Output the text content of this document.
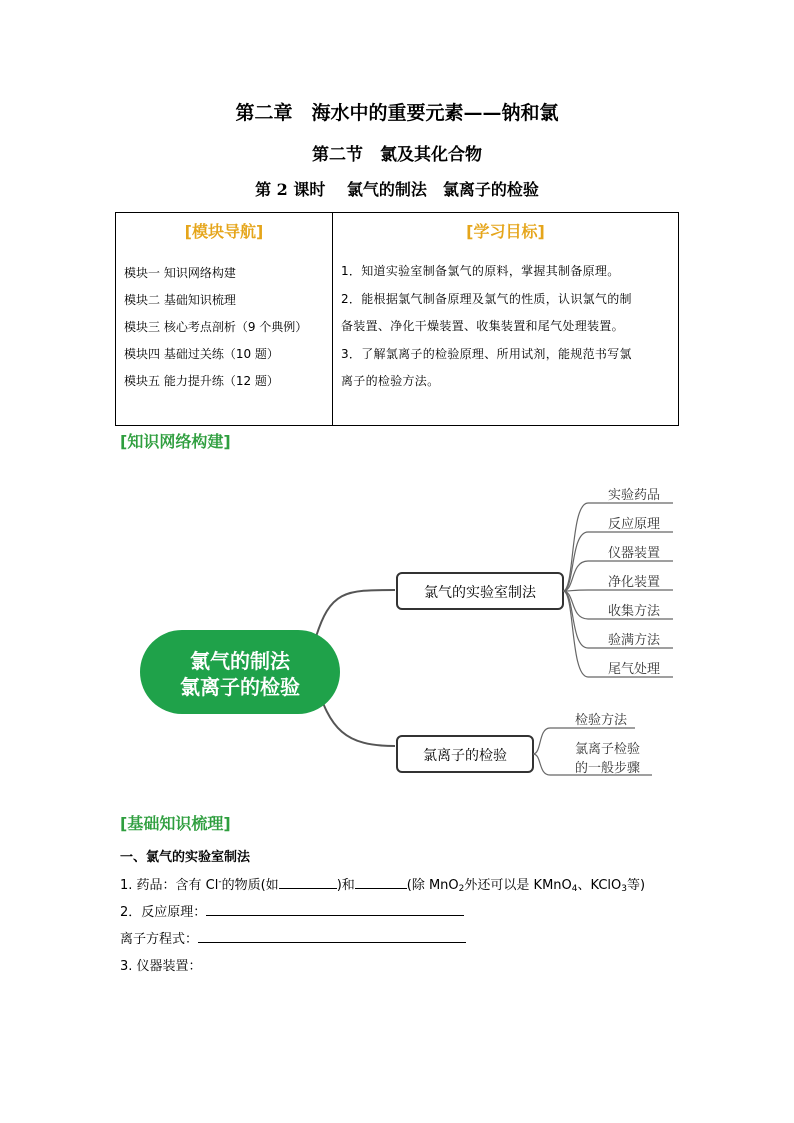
第二章　海水中的重要元素——钠和氯
第二节　氯及其化合物
第 2 课时　 氯气的制法　氯离子的检验
[模块导航]
模块一 知识网络构建
模块二 基础知识梳理
模块三 核心考点剖析（9 个典例）
模块四 基础过关练（10 题）
模块五 能力提升练（12 题）

[学习目标]
1．知道实验室制备氯气的原料，掌握其制备原理。
2．能根据氯气制备原理及氯气的性质，认识氯气的制
备装置、净化干燥装置、收集装置和尾气处理装置。
3．了解氯离子的检验原理、所用试剂，能规范书写氯
离子的检验方法。
[知识网络构建]
氯气的制法
氯离子的检验
氯气的实验室制法
实验药品
反应原理
仪器装置
净化装置
收集方法
验满方法
尾气处理
氯离子的检验
检验方法
氯离子检验
的一般步骤
[基础知识梳理]
一、氯气的实验室制法
1. 药品：含有 Cl-的物质(如	)和	(除 MnO$_2$外还可以是 KMnO$_4$、KClO$_3$等)
2．反应原理：
离子方程式：
3. 仪器装置：
